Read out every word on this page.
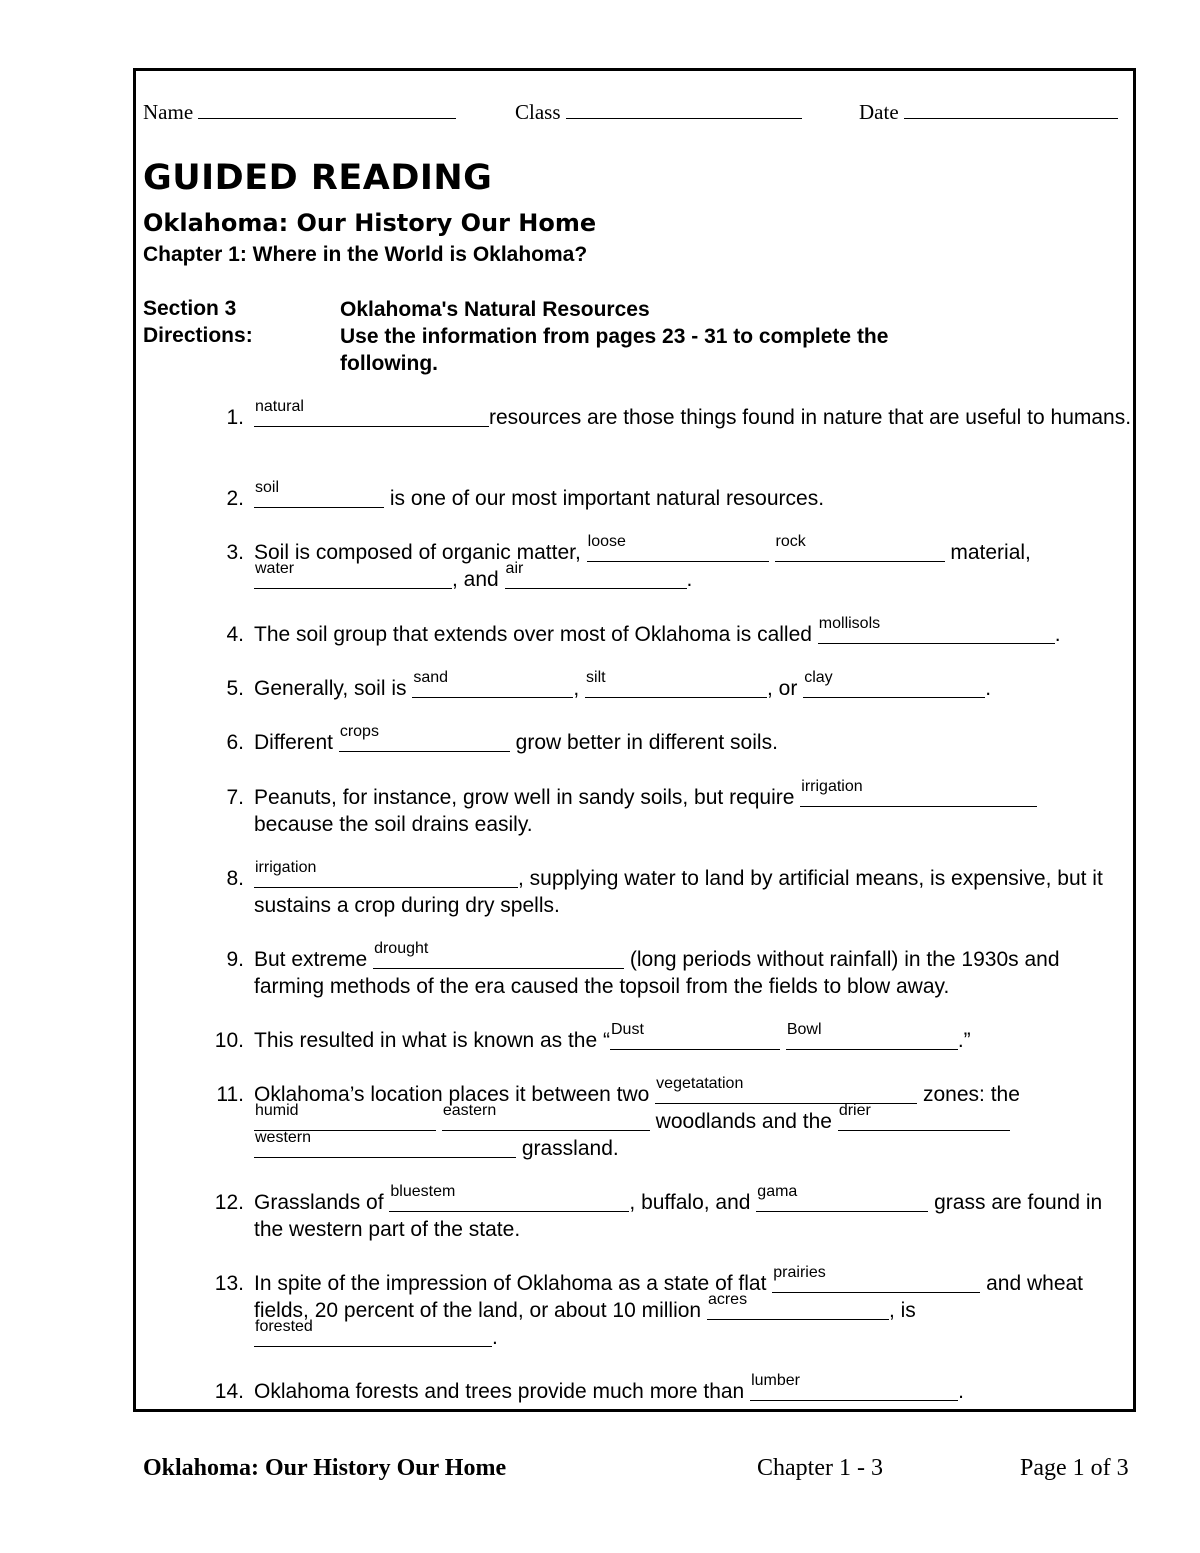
Name	Class	Date
GUIDED READING
Oklahoma: Our History Our Home
Chapter 1: Where in the World is Oklahoma?
Section 3	Oklahoma's Natural Resources
Directions:	Use the information from pages 23 - 31 to complete the following.
1. natural	resources are those things found in nature that are useful to humans.
2. soil	is one of our most important natural resources.
3. Soil is composed of organic matter, loose
	rock	material,

water	, and air	.
4. The soil group that extends over most of Oklahoma is called mollisols	.
5. Generally, soil is sand	, silt	, or clay	.
6. Different crops	grow better in different soils.
7. Peanuts, for instance, grow well in sandy soils, but require irrigation

because the soil drains easily.
8. irrigation	, supplying water to land by artificial means, is expensive, but it sustains a crop during dry spells.
9. But extreme drought	(long periods without rainfall) in the 1930s and farming methods of the era caused the topsoil from the fields to blow away.
10. This resulted in what is known as the “ Dust
	Bowl	.”
11. Oklahoma’s location places it between two vegetatation	zones: the

humid
	eastern	woodlands and the drier

western	grassland.
12. Grasslands of bluestem	, buffalo, and gama	grass are found in the western part of the state.
13. In spite of the impression of Oklahoma as a state of flat prairies	and wheat fields, 20 percent of the land, or about 10 million acres	, is

forested	.
14. Oklahoma forests and trees provide much more than lumber	.
Oklahoma: Our History Our Home	Chapter 1 - 3	Page 1 of 3
